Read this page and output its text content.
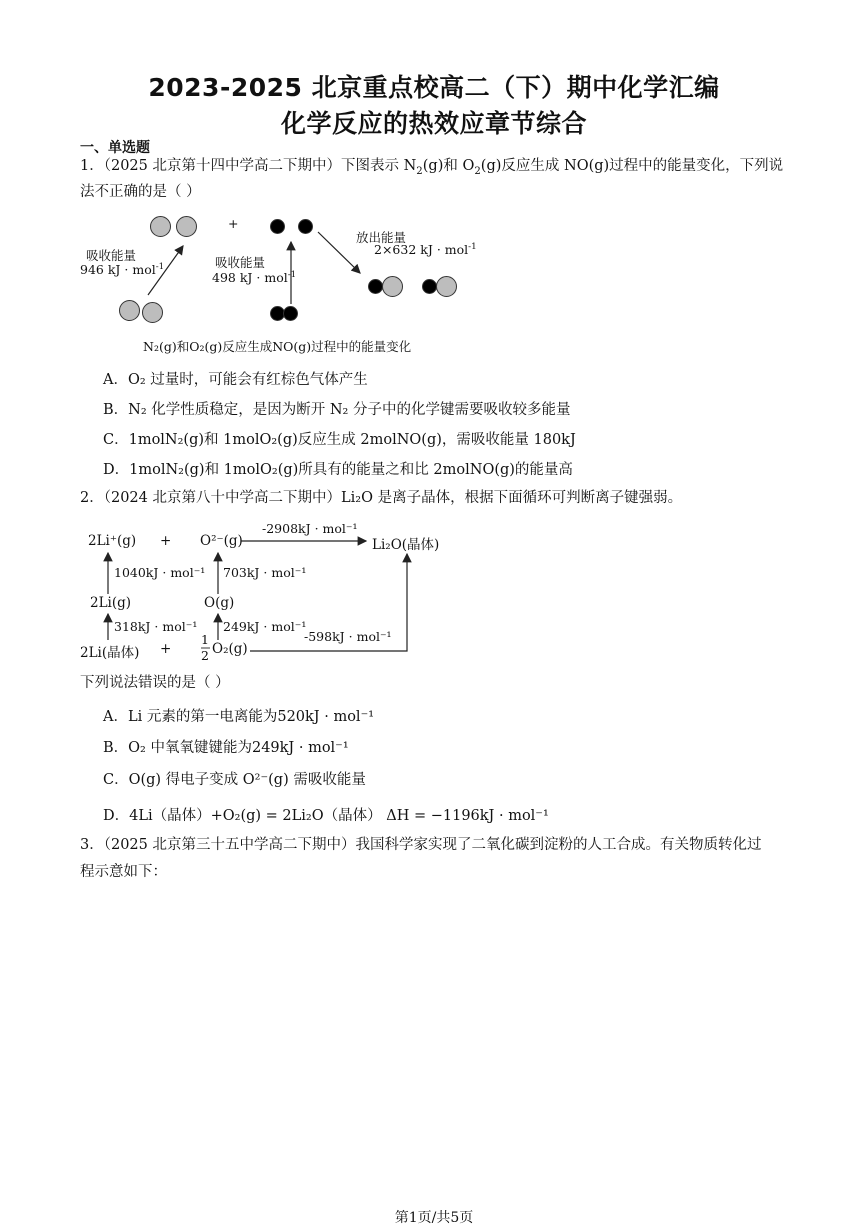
2023-2025 北京重点校高二（下）期中化学汇编
化学反应的热效应章节综合
一、单选题
1．（2025 北京第十四中学高二下期中）下图表示 $N_2(g)$和 $O_2(g)$反应生成 NO(g)过程中的能量变化，下列说
法不正确的是（ ）
+
吸收能量
946 kJ · mol$^{-1}$	吸收能量
498 kJ · mol$^{-1}$
放出能量
2×632 kJ · mol$^{-1}$
N₂(g)和O₂(g)反应生成NO(g)过程中的能量变化
A．O₂ 过量时，可能会有红棕色气体产生
B．N₂ 化学性质稳定，是因为断开 N₂ 分子中的化学键需要吸收较多能量
C．1molN₂(g)和 1molO₂(g)反应生成 2molNO(g)，需吸收能量 180kJ
D．1molN₂(g)和 1molO₂(g)所具有的能量之和比 2molNO(g)的能量高
2．（2024 北京第八十中学高二下期中）Li₂O 是离子晶体，根据下面循环可判断离子键强弱。
2Li⁺(g) + O²⁻(g)
-2908kJ · mol⁻¹
Li₂O(晶体)
1040kJ · mol⁻¹ 703kJ · mol⁻¹
2Li(g)	O(g)
318kJ · mol⁻¹ 249kJ · mol⁻¹
2Li(晶体) +
1
2 O₂(g)
-598kJ · mol⁻¹
下列说法错误的是（ ）
A．Li 元素的第一电离能为520kJ · mol⁻¹
B．O₂ 中氧氧键键能为249kJ · mol⁻¹
C．O(g) 得电子变成 O²⁻(g) 需吸收能量
D．4Li（晶体）+O₂(g) = 2Li₂O（晶体） ΔH = −1196kJ · mol⁻¹
3．（2025 北京第三十五中学高二下期中）我国科学家实现了二氧化碳到淀粉的人工合成。有关物质转化过
程示意如下：
第1页/共5页
